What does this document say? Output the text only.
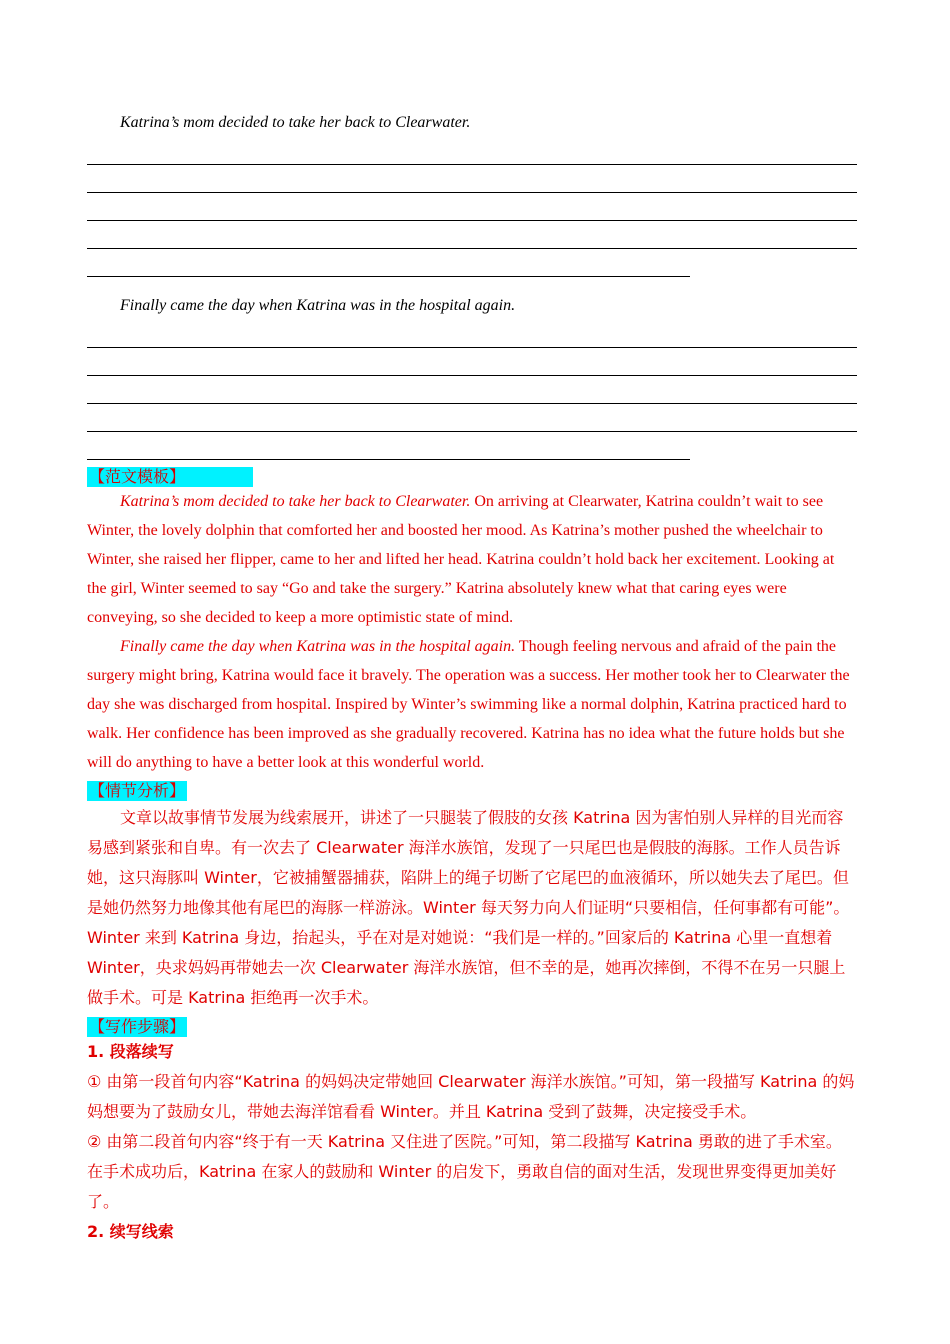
Katrina’s mom decided to take her back to Clearwater.

Finally came the day when Katrina was in the hospital again.

【范文模板】

Katrina’s mom decided to take her back to Clearwater. On arriving at Clearwater, Katrina couldn’t wait to see Winter, the lovely dolphin that comforted her and boosted her mood. As Katrina’s mother pushed the wheelchair to Winter, she raised her flipper, came to her and lifted her head. Katrina couldn’t hold back her excitement. Looking at the girl, Winter seemed to say “Go and take the surgery.” Katrina absolutely knew what that caring eyes were conveying, so she decided to keep a more optimistic state of mind.

Finally came the day when Katrina was in the hospital again. Though feeling nervous and afraid of the pain the surgery might bring, Katrina would face it bravely. The operation was a success. Her mother took her to Clearwater the day she was discharged from hospital. Inspired by Winter’s swimming like a normal dolphin, Katrina practiced hard to walk. Her confidence has been improved as she gradually recovered. Katrina has no idea what the future holds but she will do anything to have a better look at this wonderful world.

【情节分析】

文章以故事情节发展为线索展开，讲述了一只腿装了假肢的女孩 Katrina 因为害怕别人异样的目光而容易感到紧张和自卑。有一次去了 Clearwater 海洋水族馆，发现了一只尾巴也是假肢的海豚。工作人员告诉她，这只海豚叫 Winter，它被捕蟹器捕获，陷阱上的绳子切断了它尾巴的血液循环，所以她失去了尾巴。但是她仍然努力地像其他有尾巴的海豚一样游泳。Winter 每天努力向人们证明“只要相信，任何事都有可能”。Winter 来到 Katrina 身边，抬起头，乎在对是对她说：“我们是一样的。”回家后的 Katrina 心里一直想着 Winter，央求妈妈再带她去一次 Clearwater 海洋水族馆，但不幸的是，她再次摔倒，不得不在另一只腿上做手术。可是 Katrina 拒绝再一次手术。

【写作步骤】

1. 段落续写

① 由第一段首句内容“Katrina 的妈妈决定带她回 Clearwater 海洋水族馆。”可知，第一段描写 Katrina 的妈妈想要为了鼓励女儿，带她去海洋馆看看 Winter。并且 Katrina 受到了鼓舞，决定接受手术。

② 由第二段首句内容“终于有一天 Katrina 又住进了医院。”可知，第二段描写 Katrina 勇敢的进了手术室。在手术成功后，Katrina 在家人的鼓励和 Winter 的启发下，勇敢自信的面对生活，发现世界变得更加美好了。

2. 续写线索
